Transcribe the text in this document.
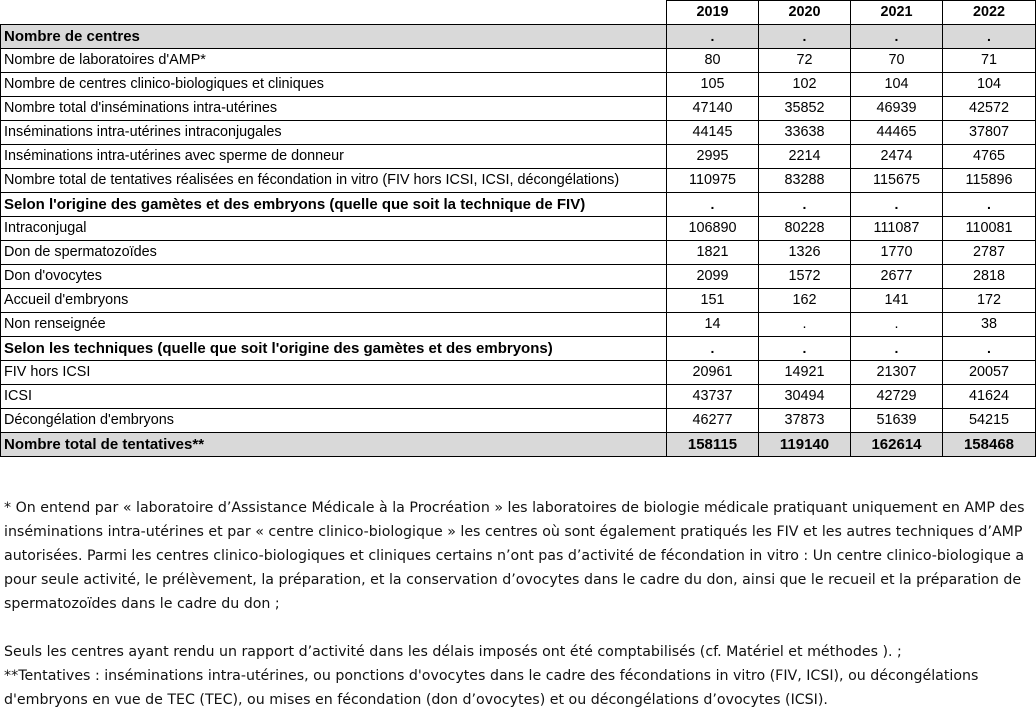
	2019	2020	2021	2022
Nombre de centres	.	.	.	.
Nombre de laboratoires d'AMP*	80	72	70	71
Nombre de centres clinico-biologiques et cliniques	105	102	104	104
Nombre total d'inséminations intra-utérines	47140	35852	46939	42572
Inséminations intra-utérines intraconjugales	44145	33638	44465	37807
Inséminations intra-utérines avec sperme de donneur	2995	2214	2474	4765
Nombre total de tentatives réalisées en fécondation in vitro (FIV hors ICSI, ICSI, décongélations)	110975	83288	115675	115896
Selon l'origine des gamètes et des embryons (quelle que soit la technique de FIV)	.	.	.	.
Intraconjugal	106890	80228	111087	110081
Don de spermatozoïdes	1821	1326	1770	2787
Don d'ovocytes	2099	1572	2677	2818
Accueil d'embryons	151	162	141	172
Non renseignée	14	.	.	38
Selon les techniques (quelle que soit l'origine des gamètes et des embryons)	.	.	.	.
FIV hors ICSI	20961	14921	21307	20057
ICSI	43737	30494	42729	41624
Décongélation d'embryons	46277	37873	51639	54215
Nombre total de tentatives**	158115	119140	162614	158468

* On entend par « laboratoire d’Assistance Médicale à la Procréation » les laboratoires de biologie médicale pratiquant uniquement en AMP des inséminations intra-utérines et par « centre clinico-biologique » les centres où sont également pratiqués les FIV et les autres techniques d’AMP autorisées. Parmi les centres clinico-biologiques et cliniques certains n’ont pas d’activité de fécondation in vitro : Un centre clinico-biologique a pour seule activité, le prélèvement, la préparation, et la conservation d’ovocytes dans le cadre du don, ainsi que le recueil et la préparation de spermatozoïdes dans le cadre du don ;

Seuls les centres ayant rendu un rapport d’activité dans les délais imposés ont été comptabilisés (cf. Matériel et méthodes ). ;

**Tentatives : inséminations intra-utérines, ou ponctions d'ovocytes dans le cadre des fécondations in vitro (FIV, ICSI), ou décongélations d'embryons en vue de TEC (TEC), ou mises en fécondation (don d’ovocytes) et ou décongélations d’ovocytes (ICSI).
